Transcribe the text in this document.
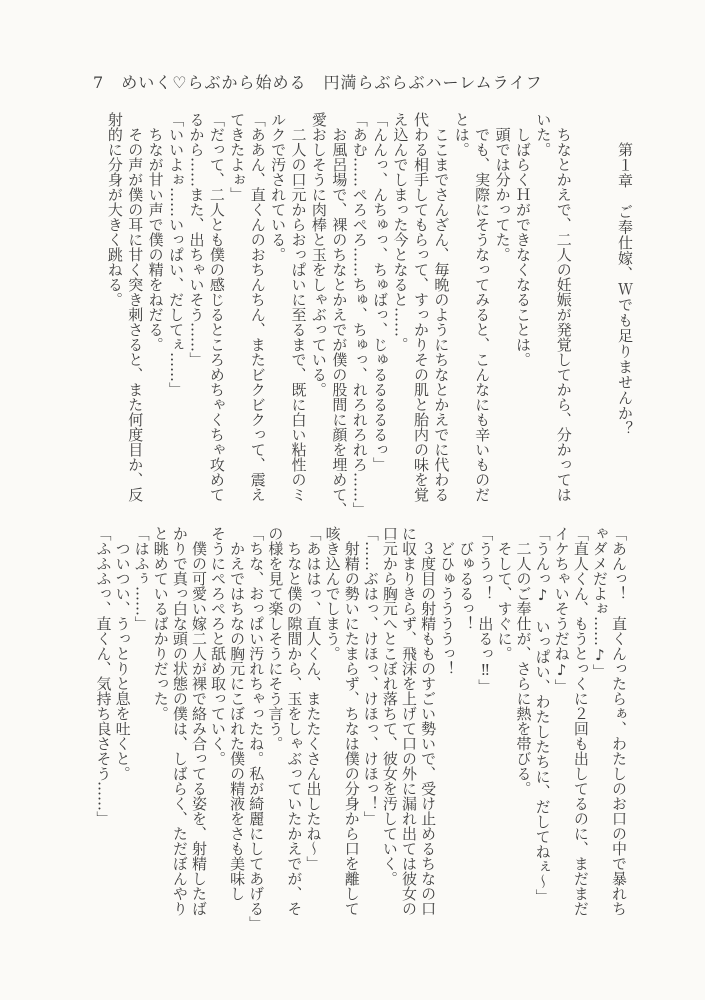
7 めいく♡らぶから始める　円満らぶらぶハーレムライフ
第１章　ご奉仕嫁、Ｗでも足りませんか？

ちなとかえで、二人の妊娠が発覚してから、分かっては
いた。
しばらくＨができなくなることは。
頭では分かってた。
でも、実際にそうなってみると、こんなにも辛いものだ
とは。
ここまでさんざん、毎晩のようにちなとかえでに代わる
代わる相手してもらって、すっかりその肌と胎内の味を覚
え込んでしまった今となると……。
「んんっ、んちゅっ、ちゅばっ、じゅるるるるるっ」
「あむ……ぺろぺろ……ちゅ、ちゅっ、れろれろれろ……」
お風呂場で、裸のちなとかえでが僕の股間に顔を埋めて、
愛おしそうに肉棒と玉をしゃぶっている。
二人の口元からおっぱいに至るまで、既に白い粘性のミ
ルクで汚されている。
「ああん、直くんのおちんちん、またビクビクって、震え
てきたよぉ」
「だって、二人とも僕の感じるところめちゃくちゃ攻めて
るから……また、出ちゃいそう……」
「いいよぉ……いっぱい、だしてぇ……」
ちなが甘い声で僕の精をねだる。
その声が僕の耳に甘く突き刺さると、また何度目か、反
射的に分身が大きく跳ねる。
「あんっ！　直くんったらぁ、わたしのお口の中で暴れち
ゃダメだよぉ……♪」
「直人くん、もうとっくに２回も出してるのに、まだまだ
イケちゃいそうだね♪」
「うんっ♪　いっぱい、わたしたちに、だしてねぇ〜」
二人のご奉仕が、さらに熱を帯びる。
そして、すぐに。
「ううっ！　出るっ‼」
びゅるるっ！
どひゅううううっ！
３度目の射精もものすごい勢いで、受け止めるちなの口
に収まりきらず、飛沫を上げて口の外に漏れ出ては彼女の
口元から胸元へとこぼれ落ちて、彼女を汚していく。
「……ぶはっ、けほっ、けほっ、けほっ！」
射精の勢いにたまらず、ちなは僕の分身から口を離して
咳き込んでしまう。
「あははっ、直人くん、またたくさん出したね〜」
ちなと僕の隙間から、玉をしゃぶっていたかえでが、そ
の様を見て楽しそうにそう言う。
「ちな、おっぱい汚れちゃったね。私が綺麗にしてあげる」
かえではちなの胸元にこぼれた僕の精液をさも美味し
そうにぺろぺろと舐め取っていく。
僕の可愛い嫁二人が裸で絡み合ってる姿を、射精したば
かりで真っ白な頭の状態の僕は、しばらく、ただぼんやり
と眺めているばかりだった。
「はふぅ……」
ついつい、うっとりと息を吐くと。
「ふふふっ、直くん、気持ち良さそう……」
